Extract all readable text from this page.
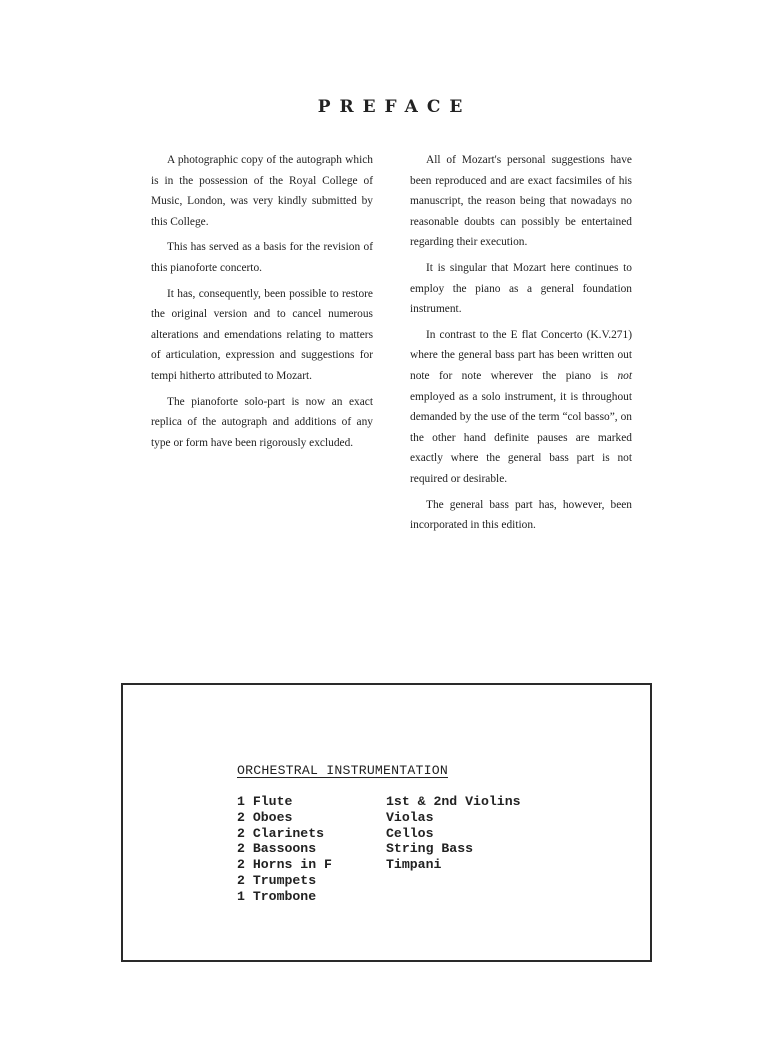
PREFACE

A photographic copy of the autograph which is in the possession of the Royal College of Music, London, was very kindly submitted by this College.

This has served as a basis for the revision of this pianoforte concerto.

It has, consequently, been possible to restore the original version and to cancel numerous alterations and emendations relating to matters of articulation, expression and suggestions for tempi hitherto attributed to Mozart.

The pianoforte solo-part is now an exact replica of the autograph and additions of any type or form have been rigorously excluded.

All of Mozart's personal suggestions have been reproduced and are exact facsimiles of his manuscript, the reason being that nowadays no reasonable doubts can possibly be entertained regarding their execution.

It is singular that Mozart here continues to employ the piano as a general foundation instrument.

In contrast to the E flat Concerto (K.V.271) where the general bass part has been written out note for note wherever the piano is not employed as a solo instrument, it is throughout demanded by the use of the term “col basso”, on the other hand definite pauses are marked exactly where the general bass part is not required or desirable.

The general bass part has, however, been incorporated in this edition.

ORCHESTRAL INSTRUMENTATION
1 Flute
2 Oboes
2 Clarinets
2 Bassoons
2 Horns in F
2 Trumpets
1 Trombone
1st & 2nd Violins
Violas
Cellos
String Bass
Timpani
